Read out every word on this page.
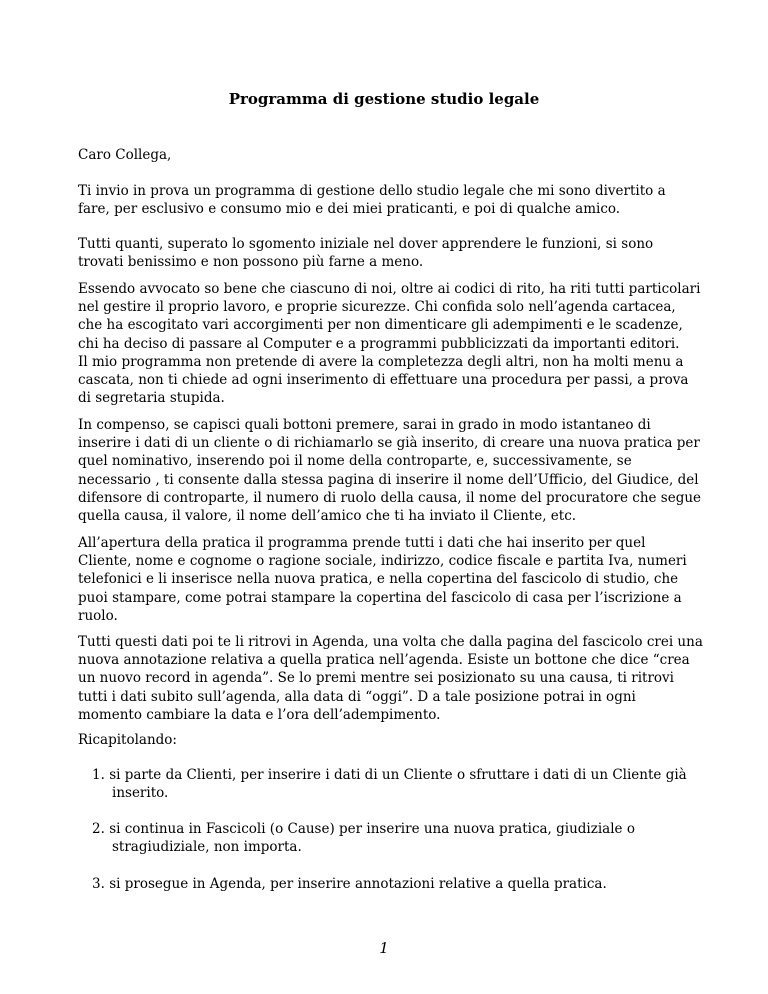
Programma di gestione studio legale
Caro Collega,
Ti invio in prova un programma di gestione dello studio legale che mi sono divertito a
fare, per esclusivo e consumo mio e dei miei praticanti, e poi di qualche amico.
Tutti quanti, superato lo sgomento iniziale nel dover apprendere le funzioni, si sono
trovati benissimo e non possono più farne a meno.
Essendo avvocato so bene che ciascuno di noi, oltre ai codici di rito, ha riti tutti particolari
nel gestire il proprio lavoro, e proprie sicurezze. Chi confida solo nell’agenda cartacea,
che ha escogitato vari accorgimenti per non dimenticare gli adempimenti e le scadenze,
chi ha deciso di passare al Computer e a programmi pubblicizzati da importanti editori.
Il mio programma non pretende di avere la completezza degli altri, non ha molti menu a
cascata, non ti chiede ad ogni inserimento di effettuare una procedura per passi, a prova
di segretaria stupida.
In compenso, se capisci quali bottoni premere, sarai in grado in modo istantaneo di
inserire i dati di un cliente o di richiamarlo se già inserito, di creare una nuova pratica per
quel nominativo, inserendo poi il nome della controparte, e, successivamente, se
necessario , ti consente dalla stessa pagina di inserire il nome dell’Ufficio, del Giudice, del
difensore di controparte, il numero di ruolo della causa, il nome del procuratore che segue
quella causa, il valore, il nome dell’amico che ti ha inviato il Cliente, etc.
All’apertura della pratica il programma prende tutti i dati che hai inserito per quel
Cliente, nome e cognome o ragione sociale, indirizzo, codice fiscale e partita Iva, numeri
telefonici e li inserisce nella nuova pratica, e nella copertina del fascicolo di studio, che
puoi stampare, come potrai stampare la copertina del fascicolo di casa per l’iscrizione a
ruolo.
Tutti questi dati poi te li ritrovi in Agenda, una volta che dalla pagina del fascicolo crei una
nuova annotazione relativa a quella pratica nell’agenda. Esiste un bottone che dice “crea
un nuovo record in agenda”. Se lo premi mentre sei posizionato su una causa, ti ritrovi
tutti i dati subito sull’agenda, alla data di “oggi”. D a tale posizione potrai in ogni
momento cambiare la data e l’ora dell’adempimento.
Ricapitolando:
1. si parte da Clienti, per inserire i dati di un Cliente o sfruttare i dati di un Cliente già
inserito.
2. si continua in Fascicoli (o Cause) per inserire una nuova pratica, giudiziale o
stragiudiziale, non importa.
3. si prosegue in Agenda, per inserire annotazioni relative a quella pratica.
1
